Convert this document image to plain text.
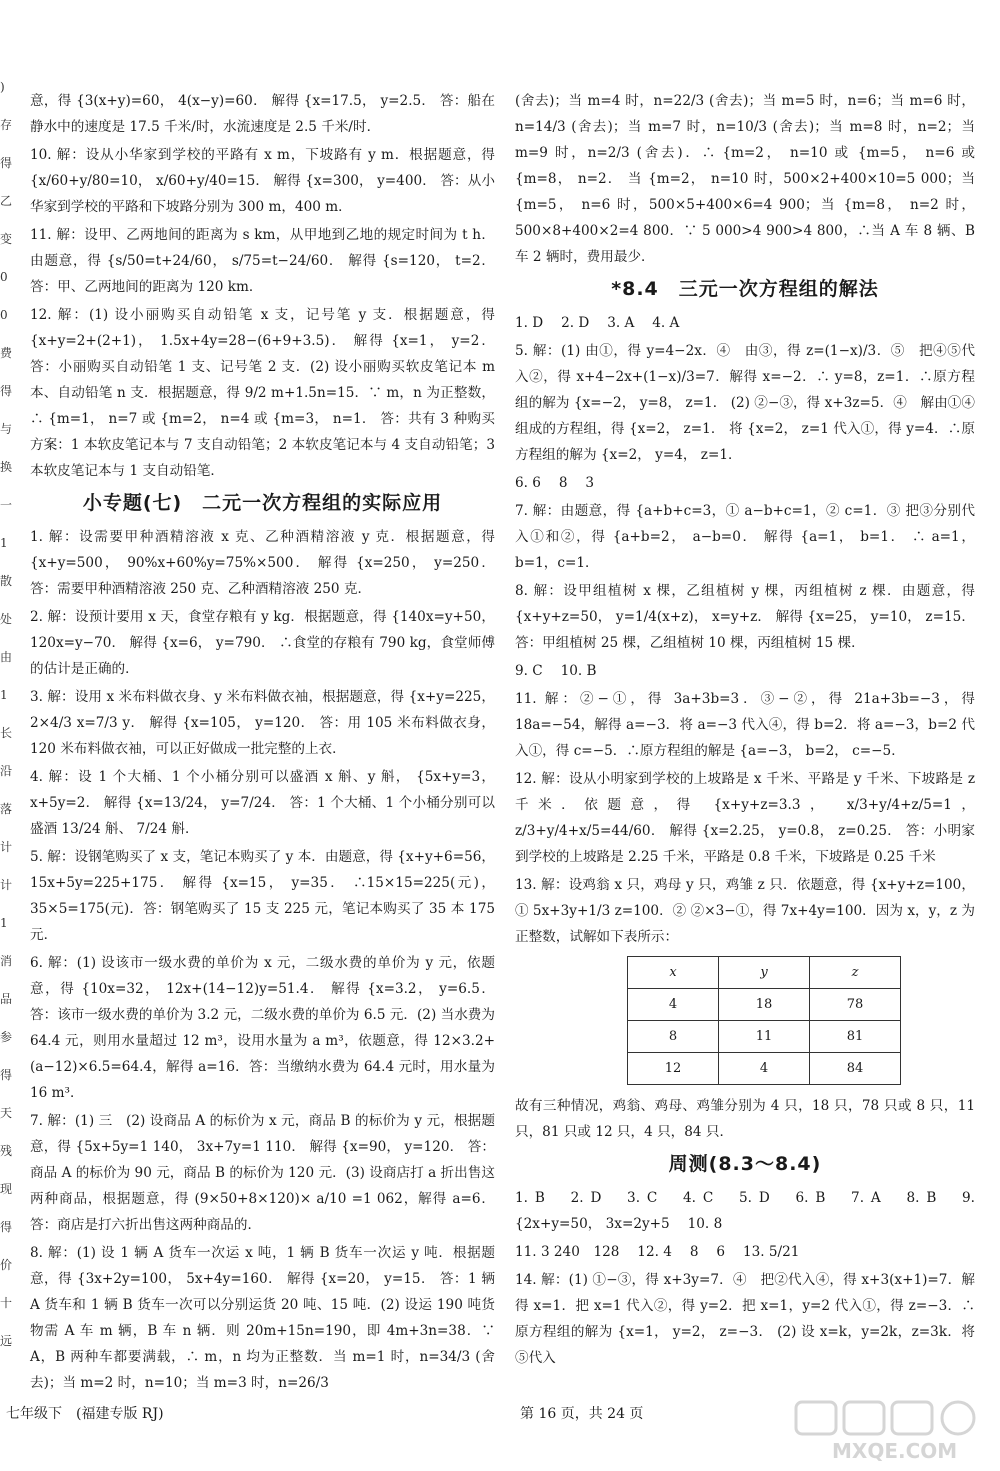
)
存
得
乙
变
0
0
费
得
与
换
一
1
散
处
由
1
长
沿
落
计
计
1
消
品
参
得
天
残
现
得
价
十
远

意，得 {3(x+y)=60， 4(x−y)=60． 解得 {x=17.5， y=2.5． 答：船在静水中的速度是 17.5 千米/时，水流速度是 2.5 千米/时．

10. 解：设从小华家到学校的平路有 x m，下坡路有 y m．根据题意，得 {x/60+y/80=10， x/60+y/40=15． 解得 {x=300， y=400． 答：从小华家到学校的平路和下坡路分别为 300 m，400 m．

11. 解：设甲、乙两地间的距离为 s km，从甲地到乙地的规定时间为 t h．由题意，得 {s/50=t+24/60， s/75=t−24/60． 解得 {s=120， t=2． 答：甲、乙两地间的距离为 120 km．

12. 解：(1) 设小丽购买自动铅笔 x 支，记号笔 y 支．根据题意，得 {x+y=2+(2+1)， 1.5x+4y=28−(6+9+3.5)． 解得 {x=1， y=2． 答：小丽购买自动铅笔 1 支、记号笔 2 支．(2) 设小丽购买软皮笔记本 m 本、自动铅笔 n 支．根据题意，得 9/2 m+1.5n=15．∵ m，n 为正整数，∴ {m=1， n=7 或 {m=2， n=4 或 {m=3， n=1． 答：共有 3 种购买方案：1 本软皮笔记本与 7 支自动铅笔；2 本软皮笔记本与 4 支自动铅笔；3 本软皮笔记本与 1 支自动铅笔．

小专题(七)　二元一次方程组的实际应用

1. 解：设需要甲种酒精溶液 x 克、乙种酒精溶液 y 克．根据题意，得 {x+y=500， 90%x+60%y=75%×500． 解得 {x=250， y=250． 答：需要甲种酒精溶液 250 克、乙种酒精溶液 250 克．

2. 解：设预计要用 x 天，食堂存粮有 y kg．根据题意，得 {140x=y+50， 120x=y−70． 解得 {x=6， y=790． ∴食堂的存粮有 790 kg，食堂师傅的估计是正确的．

3. 解：设用 x 米布料做衣身、y 米布料做衣袖，根据题意，得 {x+y=225， 2×4/3 x=7/3 y． 解得 {x=105， y=120． 答：用 105 米布料做衣身，120 米布料做衣袖，可以正好做成一批完整的上衣．

4. 解：设 1 个大桶、1 个小桶分别可以盛酒 x 斛、y 斛， {5x+y=3， x+5y=2． 解得 {x=13/24， y=7/24． 答：1 个大桶、1 个小桶分别可以盛酒 13/24 斛、 7/24 斛．

5. 解：设钢笔购买了 x 支，笔记本购买了 y 本．由题意，得 {x+y+6=56， 15x+5y=225+175． 解得 {x=15， y=35． ∴15×15=225(元)，35×5=175(元)．答：钢笔购买了 15 支 225 元，笔记本购买了 35 本 175 元．

6. 解：(1) 设该市一级水费的单价为 x 元，二级水费的单价为 y 元，依题意，得 {10x=32， 12x+(14−12)y=51.4． 解得 {x=3.2， y=6.5． 答：该市一级水费的单价为 3.2 元，二级水费的单价为 6.5 元．(2) 当水费为 64.4 元，则用水量超过 12 m³，设用水量为 a m³，依题意，得 12×3.2+(a−12)×6.5=64.4，解得 a=16．答：当缴纳水费为 64.4 元时，用水量为 16 m³．

7. 解：(1) 三　(2) 设商品 A 的标价为 x 元，商品 B 的标价为 y 元，根据题意，得 {5x+5y=1 140， 3x+7y=1 110． 解得 {x=90， y=120． 答：商品 A 的标价为 90 元，商品 B 的标价为 120 元．(3) 设商店打 a 折出售这两种商品，根据题意，得 (9×50+8×120)× a/10 =1 062，解得 a=6．答：商店是打六折出售这两种商品的．

8. 解：(1) 设 1 辆 A 货车一次运 x 吨，1 辆 B 货车一次运 y 吨．根据题意，得 {3x+2y=100， 5x+4y=160． 解得 {x=20， y=15． 答：1 辆 A 货车和 1 辆 B 货车一次可以分别运货 20 吨、15 吨．(2) 设运 190 吨货物需 A 车 m 辆，B 车 n 辆．则 20m+15n=190，即 4m+3n=38．∵ A，B 两种车都要满载，∴ m，n 均为正整数．当 m=1 时，n=34/3 (舍去)；当 m=2 时，n=10；当 m=3 时，n=26/3

(舍去)；当 m=4 时，n=22/3 (舍去)；当 m=5 时，n=6；当 m=6 时，n=14/3 (舍去)；当 m=7 时，n=10/3 (舍去)；当 m=8 时，n=2；当 m=9 时，n=2/3 (舍去)．∴ {m=2， n=10 或 {m=5， n=6 或 {m=8， n=2． 当 {m=2， n=10 时，500×2+400×10=5 000；当 {m=5， n=6 时，500×5+400×6=4 900；当 {m=8， n=2 时，500×8+400×2=4 800．∵ 5 000>4 900>4 800，∴当 A 车 8 辆、B 车 2 辆时，费用最少．

*8.4　三元一次方程组的解法

1. D　 2. D　 3. A　 4. A

5. 解：(1) 由①，得 y=4−2x．④　由③，得 z=(1−x)/3．⑤　把④⑤代入②，得 x+4−2x+(1−x)/3=7．解得 x=−2．∴ y=8，z=1．∴原方程组的解为 {x=−2， y=8， z=1． (2) ②−③，得 x+3z=5．④　解由①④组成的方程组，得 {x=2， z=1． 将 {x=2， z=1 代入①，得 y=4．∴原方程组的解为 {x=2， y=4， z=1．

6. 6　 8　 3

7. 解：由题意，得 {a+b+c=3，① a−b+c=1，② c=1．③ 把③分别代入①和②，得 {a+b=2， a−b=0． 解得 {a=1， b=1． ∴ a=1，b=1，c=1．

8. 解：设甲组植树 x 棵，乙组植树 y 棵，丙组植树 z 棵．由题意，得 {x+y+z=50， y=1/4(x+z)， x=y+z． 解得 {x=25， y=10， z=15． 答：甲组植树 25 棵，乙组植树 10 棵，丙组植树 15 棵．

9. C　 10. B

11. 解：②−①，得 3a+3b=3．③−②，得 21a+3b=−3，得 18a=−54，解得 a=−3．将 a=−3 代入④，得 b=2．将 a=−3，b=2 代入①，得 c=−5．∴原方程组的解是 {a=−3， b=2， c=−5．

12. 解：设从小明家到学校的上坡路是 x 千米、平路是 y 千米、下坡路是 z 千米．依题意，得 {x+y+z=3.3， x/3+y/4+z/5=1， z/3+y/4+x/5=44/60． 解得 {x=2.25， y=0.8， z=0.25． 答：小明家到学校的上坡路是 2.25 千米，平路是 0.8 千米，下坡路是 0.25 千米

13. 解：设鸡翁 x 只，鸡母 y 只，鸡雏 z 只．依题意，得 {x+y+z=100，① 5x+3y+1/3 z=100．② ②×3−①，得 7x+4y=100．因为 x，y，z 为正整数，试解如下表所示：

x	y	z
4	18	78
8	11	81
12	4	84

故有三种情况，鸡翁、鸡母、鸡雏分别为 4 只，18 只，78 只或 8 只，11 只，81 只或 12 只，4 只，84 只．

周测(8.3～8.4)

1. B　 2. D　 3. C　 4. C　 5. D　 6. B　 7. A　 8. B　 9. {2x+y=50， 3x=2y+5　 10. 8

11. 3 240　128　 12. 4　 8　 6　 13. 5/21

14. 解：(1) ①−③，得 x+3y=7．④　把②代入④，得 x+3(x+1)=7．解得 x=1．把 x=1 代入②，得 y=2．把 x=1，y=2 代入①，得 z=−3．∴原方程组的解为 {x=1， y=2， z=−3． (2) 设 x=k，y=2k，z=3k．将⑤代入

七年级下　(福建专版 RJ)	第 16 页，共 24 页
MXQE.COM
